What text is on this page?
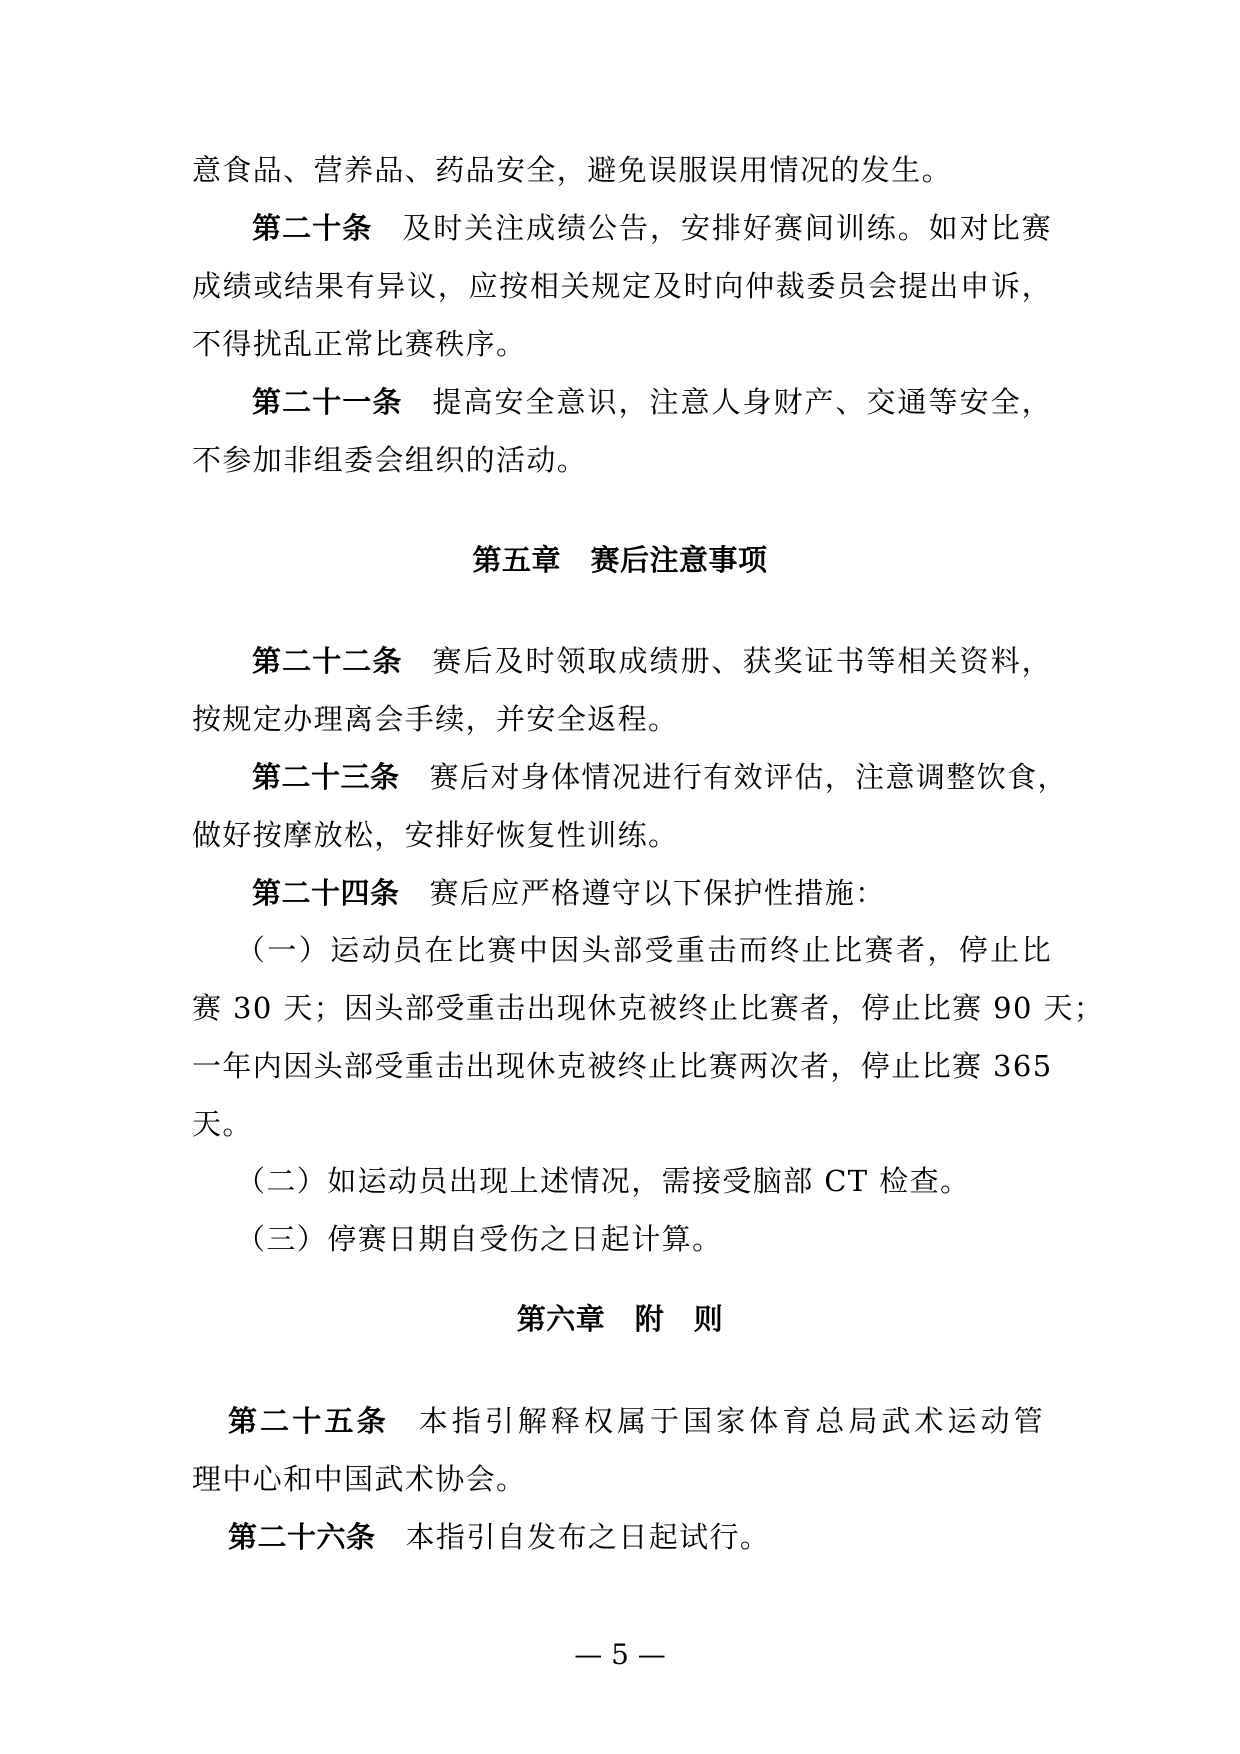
意食品、营养品、药品安全，避免误服误用情况的发生。
第二十条 及时关注成绩公告，安排好赛间训练。如对比赛
成绩或结果有异议，应按相关规定及时向仲裁委员会提出申诉，
不得扰乱正常比赛秩序。
第二十一条 提高安全意识，注意人身财产、交通等安全，
不参加非组委会组织的活动。
第五章　赛后注意事项
第二十二条 赛后及时领取成绩册、获奖证书等相关资料，
按规定办理离会手续，并安全返程。
第二十三条 赛后对身体情况进行有效评估，注意调整饮食，
做好按摩放松，安排好恢复性训练。
第二十四条 赛后应严格遵守以下保护性措施：
（一）运动员在比赛中因头部受重击而终止比赛者，停止比
赛 30 天；因头部受重击出现休克被终止比赛者，停止比赛 90 天；
一年内因头部受重击出现休克被终止比赛两次者，停止比赛 365
天。
（二）如运动员出现上述情况，需接受脑部 CT 检查。
（三）停赛日期自受伤之日起计算。
第六章　附　则
第二十五条 本指引解释权属于国家体育总局武术运动管
理中心和中国武术协会。
第二十六条 本指引自发布之日起试行。
— 5 —
